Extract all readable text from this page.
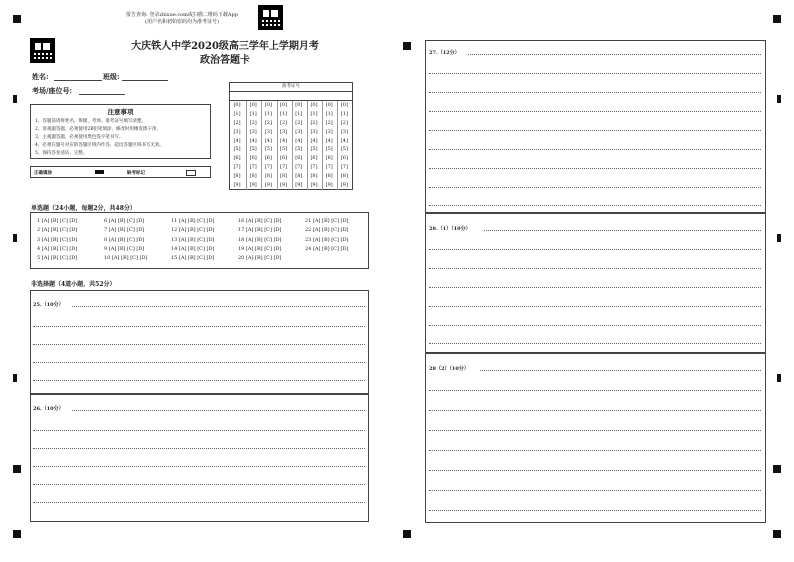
报告查询: 登录zhixue.com或扫描二维码下载App
(用户名和初始密码均为准考证号)
大庆铁人中学2020级高三学年上学期月考
政治答题卡
姓名:	班级:
考场/座位号:
注意事项
1、答题前请将姓名、班级、考场、准考证号填写清楚。
2、客观题答题，必须使用2B铅笔填涂，修改时用橡皮擦干净。
3、主观题答题，必须使用黑色签字笔书写。
4、必须在题号对应的答题区域内作答，超出答题区域书写无效。
5、保持答卷清洁、完整。
正确填涂	缺考标记
准考证号
[0]
[1]
[2]
[3]
[4]
[5]
[6]
[7]
[8]
[9]
[0]
[1]
[2]
[3]
[4]
[5]
[6]
[7]
[8]
[9]
[0]
[1]
[2]
[3]
[4]
[5]
[6]
[7]
[8]
[9]
[0]
[1]
[2]
[3]
[4]
[5]
[6]
[7]
[8]
[9]
[0]
[1]
[2]
[3]
[4]
[5]
[6]
[7]
[8]
[9]
[0]
[1]
[2]
[3]
[4]
[5]
[6]
[7]
[8]
[9]
[0]
[1]
[2]
[3]
[4]
[5]
[6]
[7]
[8]
[9]
[0]
[1]
[2]
[3]
[4]
[5]
[6]
[7]
[8]
[9]
单选题（24小题，每题2分，共48分）
1 [A] [B] [C] [D]
2 [A] [B] [C] [D]
3 [A] [B] [C] [D]
4 [A] [B] [C] [D]
5 [A] [B] [C] [D]
6 [A] [B] [C] [D]
7 [A] [B] [C] [D]
8 [A] [B] [C] [D]
9 [A] [B] [C] [D]
10 [A] [B] [C] [D]
11 [A] [B] [C] [D]
12 [A] [B] [C] [D]
13 [A] [B] [C] [D]
14 [A] [B] [C] [D]
15 [A] [B] [C] [D]
16 [A] [B] [C] [D]
17 [A] [B] [C] [D]
18 [A] [B] [C] [D]
19 [A] [B] [C] [D]
20 [A] [B] [C] [D]
21 [A] [B] [C] [D]
22 [A] [B] [C] [D]
23 [A] [B] [C] [D]
24 [A] [B] [C] [D]
非选择题（4道小题，共52分）
25.（10分）
26.（10分）
27.（12分）
28.（1）（10分）
28（2）（10分）
